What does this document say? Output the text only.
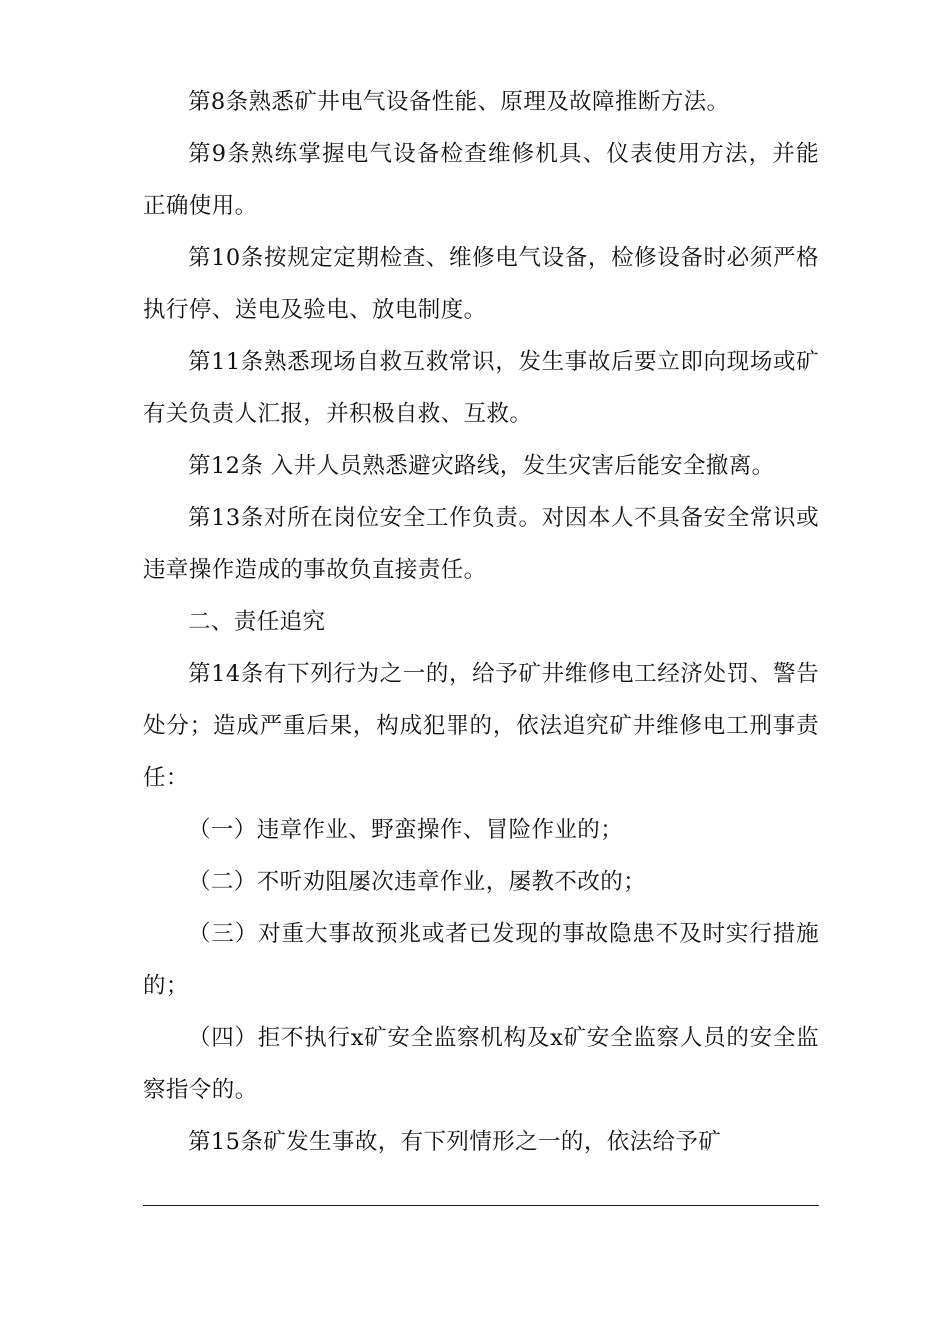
第8条熟悉矿井电气设备性能、原理及故障推断方法。

第9条熟练掌握电气设备检查维修机具、仪表使用方法，并能正确使用。

第10条按规定定期检查、维修电气设备，检修设备时必须严格执行停、送电及验电、放电制度。

第11条熟悉现场自救互救常识，发生事故后要立即向现场或矿有关负责人汇报，并积极自救、互救。

第12条 入井人员熟悉避灾路线，发生灾害后能安全撤离。

第13条对所在岗位安全工作负责。对因本人不具备安全常识或违章操作造成的事故负直接责任。

二、责任追究

第14条有下列行为之一的，给予矿井维修电工经济处罚、警告处分；造成严重后果，构成犯罪的，依法追究矿井维修电工刑事责任：

（一）违章作业、野蛮操作、冒险作业的；

（二）不听劝阻屡次违章作业，屡教不改的；

（三）对重大事故预兆或者已发现的事故隐患不及时实行措施的；

（四）拒不执行x矿安全监察机构及x矿安全监察人员的安全监察指令的。

第15条矿发生事故，有下列情形之一的，依法给予矿
